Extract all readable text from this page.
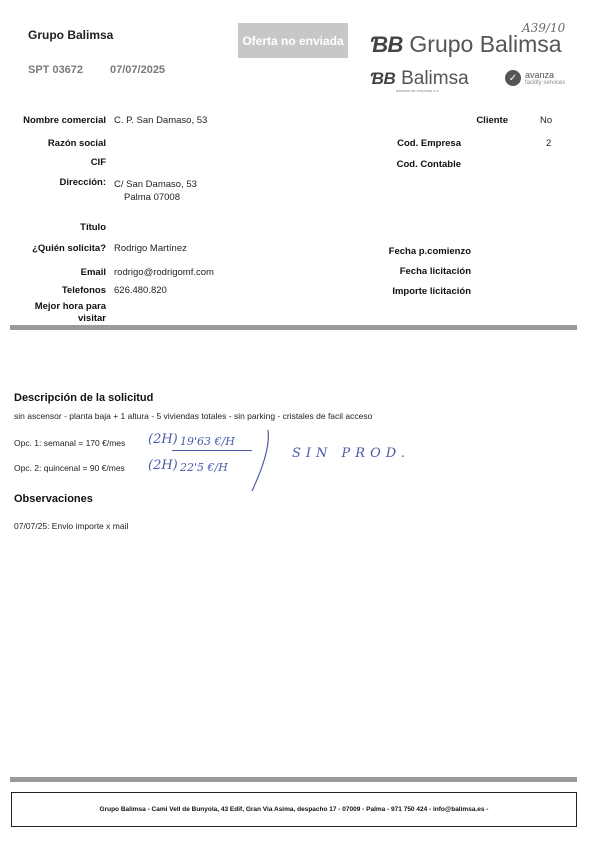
Grupo Balimsa
SPT 03672 07/07/2025
Oferta no enviada ƁB Grupo Balimsa
A39/10
ƁB Balimsa
balcano de empresa s.c.
✓ avanza
facility services
Nombre comercial C. P. San Damaso, 53
Razón social
CIF
Dirección: C/ San Damaso, 53
Palma 07008
Título
¿Quién solicita? Rodrigo Martínez
Email rodrigo@rodrigomf.com
Telefonos 626.480.820
Mejor hora para
visitar
Cliente	No
Cod. Empresa	2
Cod. Contable
Fecha p.comienzo
Fecha licitación
Importe licitación
Descripción de la solicitud
sin ascensor - planta baja + 1 altura - 5 viviendas totales - sin parking - cristales de facil acceso
Opc. 1: semanal = 170 €/mes (2H) 19'63 €/H
Opc. 2: quincenal = 90 €/mes (2H) 22'5 €/H
SIN PROD.
Observaciones
07/07/25: Envio importe x mail
Grupo Balimsa - Cami Vell de Bunyola, 43 Edif, Gran Via Asima, despacho 17 - 07009 - Palma - 971 750 424 - info@balimsa.es -
